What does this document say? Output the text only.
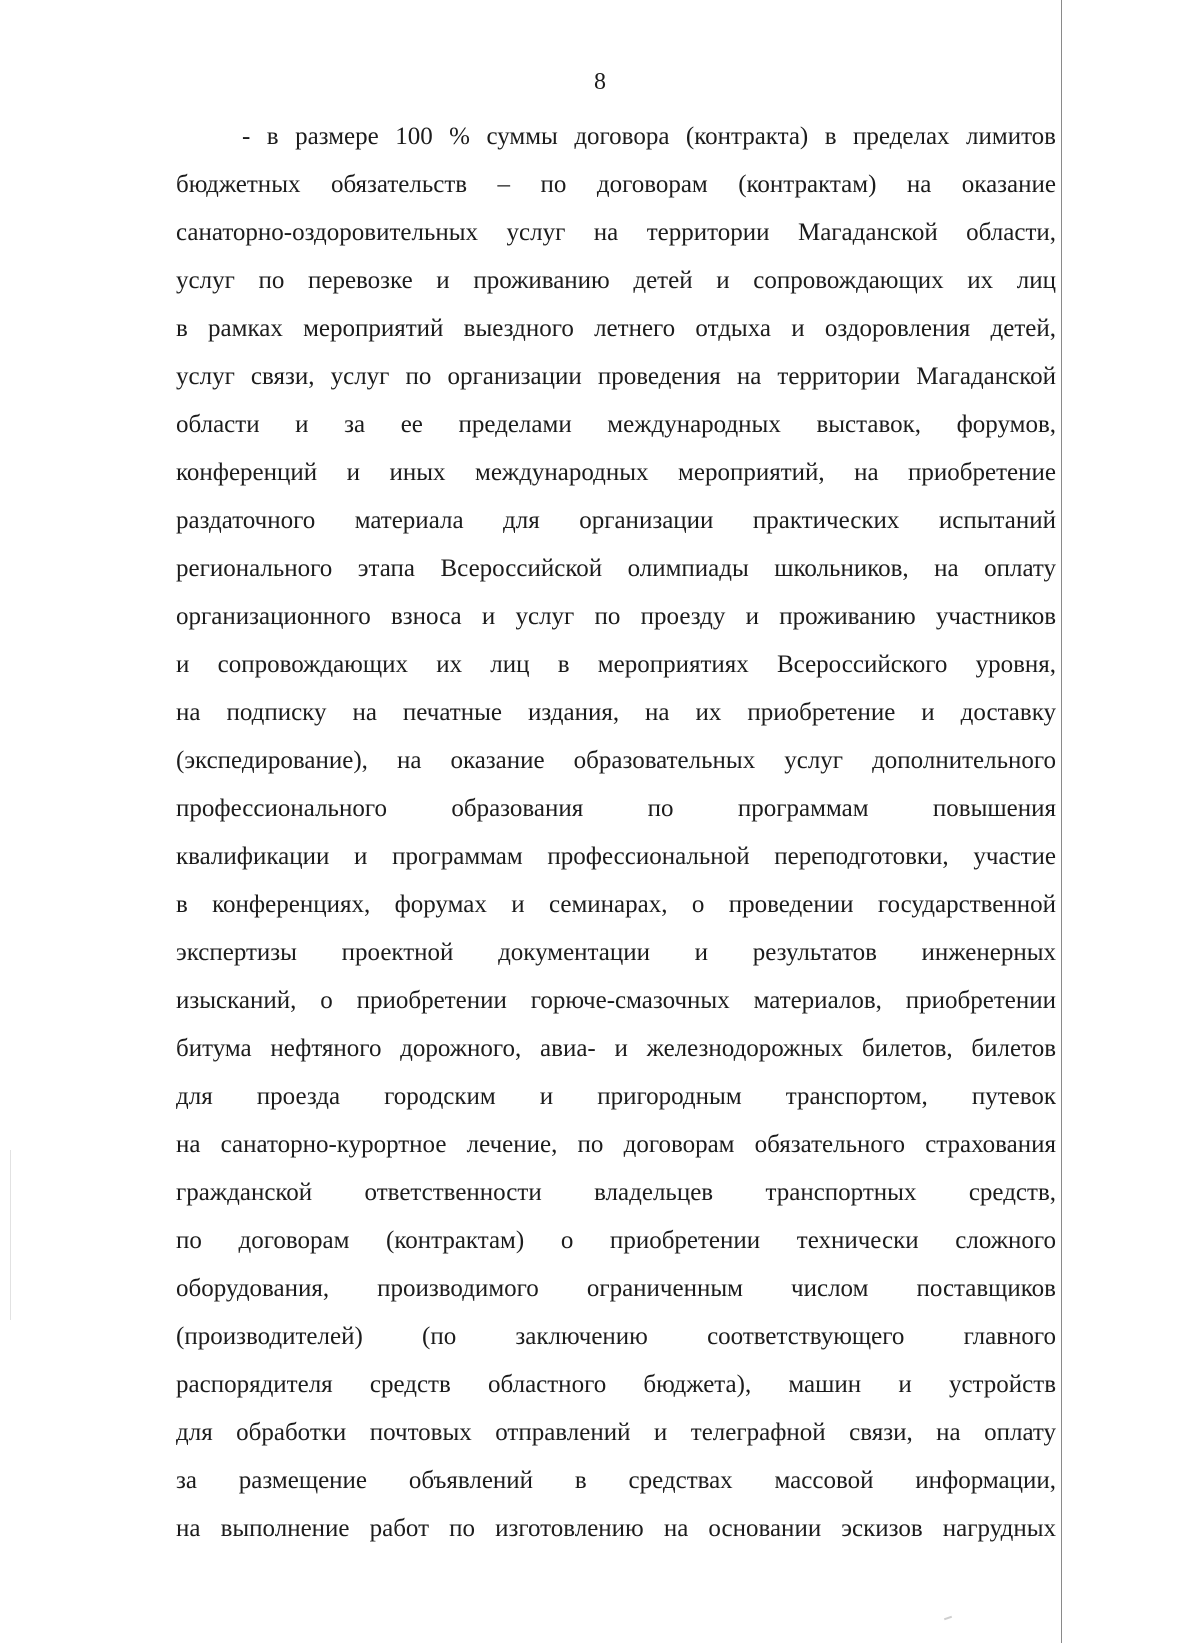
8
- в размере 100 % суммы договора (контракта) в пределах лимитов
бюджетных обязательств – по договорам (контрактам) на оказание
санаторно-оздоровительных услуг на территории Магаданской области,
услуг по перевозке и проживанию детей и сопровождающих их лиц
в рамках мероприятий выездного летнего отдыха и оздоровления детей,
услуг связи, услуг по организации проведения на территории Магаданской
области и за ее пределами международных выставок, форумов,
конференций и иных международных мероприятий, на приобретение
раздаточного материала для организации практических испытаний
регионального этапа Всероссийской олимпиады школьников, на оплату
организационного взноса и услуг по проезду и проживанию участников
и сопровождающих их лиц в мероприятиях Всероссийского уровня,
на подписку на печатные издания, на их приобретение и доставку
(экспедирование), на оказание образовательных услуг дополнительного
профессионального образования по программам повышения
квалификации и программам профессиональной переподготовки, участие
в конференциях, форумах и семинарах, о проведении государственной
экспертизы проектной документации и результатов инженерных
изысканий, о приобретении горюче-смазочных материалов, приобретении
битума нефтяного дорожного, авиа- и железнодорожных билетов, билетов
для проезда городским и пригородным транспортом, путевок
на санаторно-курортное лечение, по договорам обязательного страхования
гражданской ответственности владельцев транспортных средств,
по договорам (контрактам) о приобретении технически сложного
оборудования, производимого ограниченным числом поставщиков
(производителей) (по заключению соответствующего главного
распорядителя средств областного бюджета), машин и устройств
для обработки почтовых отправлений и телеграфной связи, на оплату
за размещение объявлений в средствах массовой информации,
на выполнение работ по изготовлению на основании эскизов нагрудных
